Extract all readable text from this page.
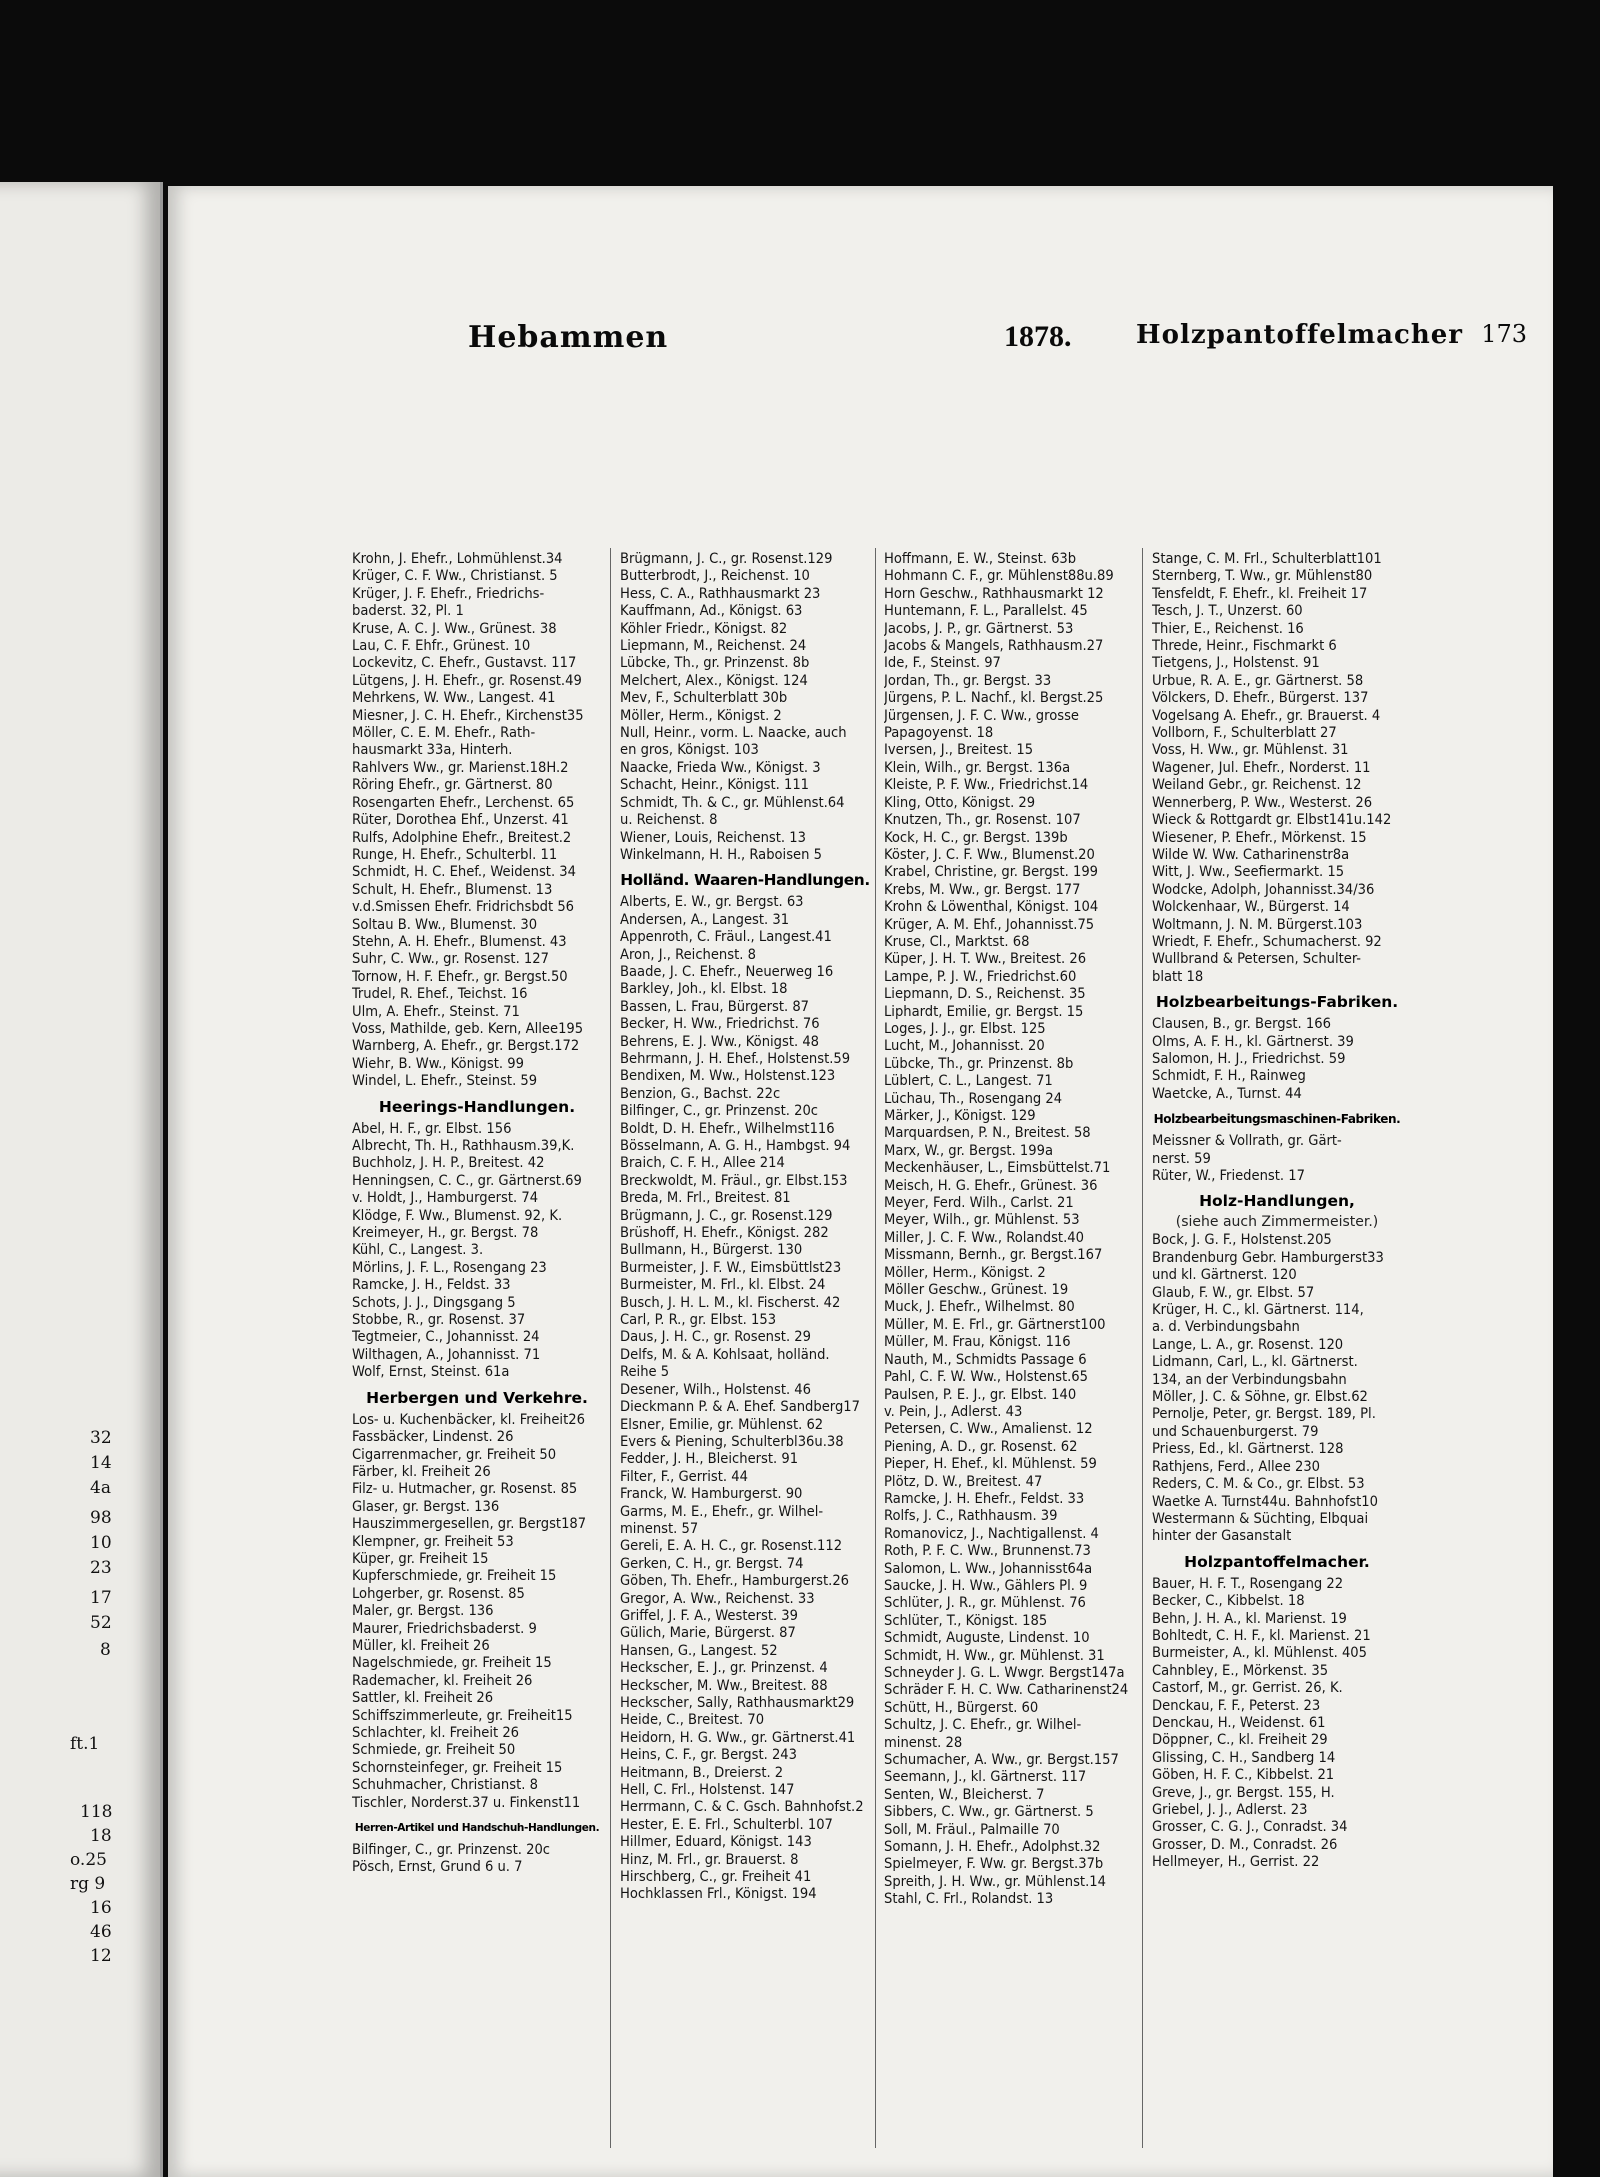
32
14
4a
98
10
23
17
52
8
ft.1
118
18
o.25
rg 9
16
46
12
Hebammen	1878. Holzpantoffelmacher 173
Krohn, J. Ehefr., Lohmühlenst.34
Krüger, C. F. Ww., Christianst. 5
Krüger, J. F. Ehefr., Friedrichs-
baderst. 32, Pl. 1
Kruse, A. C. J. Ww., Grünest. 38
Lau, C. F. Ehfr., Grünest. 10
Lockevitz, C. Ehefr., Gustavst. 117
Lütgens, J. H. Ehefr., gr. Rosenst.49
Mehrkens, W. Ww., Langest. 41
Miesner, J. C. H. Ehefr., Kirchenst35
Möller, C. E. M. Ehefr., Rath-
hausmarkt 33a, Hinterh.
Rahlvers Ww., gr. Marienst.18H.2
Röring Ehefr., gr. Gärtnerst. 80
Rosengarten Ehefr., Lerchenst. 65
Rüter, Dorothea Ehf., Unzerst. 41
Rulfs, Adolphine Ehefr., Breitest.2
Runge, H. Ehefr., Schulterbl. 11
Schmidt, H. C. Ehef., Weidenst. 34
Schult, H. Ehefr., Blumenst. 13
v.d.Smissen Ehefr. Fridrichsbdt 56
Soltau B. Ww., Blumenst. 30
Stehn, A. H. Ehefr., Blumenst. 43
Suhr, C. Ww., gr. Rosenst. 127
Tornow, H. F. Ehefr., gr. Bergst.50
Trudel, R. Ehef., Teichst. 16
Ulm, A. Ehefr., Steinst. 71
Voss, Mathilde, geb. Kern, Allee195
Warnberg, A. Ehefr., gr. Bergst.172
Wiehr, B. Ww., Königst. 99
Windel, L. Ehefr., Steinst. 59
Heerings-Handlungen.
Abel, H. F., gr. Elbst. 156
Albrecht, Th. H., Rathhausm.39,K.
Buchholz, J. H. P., Breitest. 42
Henningsen, C. C., gr. Gärtnerst.69
v. Holdt, J., Hamburgerst. 74
Klödge, F. Ww., Blumenst. 92, K.
Kreimeyer, H., gr. Bergst. 78
Kühl, C., Langest. 3.
Mörlins, J. F. L., Rosengang 23
Ramcke, J. H., Feldst. 33
Schots, J. J., Dingsgang 5
Stobbe, R., gr. Rosenst. 37
Tegtmeier, C., Johannisst. 24
Wilthagen, A., Johannisst. 71
Wolf, Ernst, Steinst. 61a
Herbergen und Verkehre.
Los- u. Kuchenbäcker, kl. Freiheit26
Fassbäcker, Lindenst. 26
Cigarrenmacher, gr. Freiheit 50
Färber, kl. Freiheit 26
Filz- u. Hutmacher, gr. Rosenst. 85
Glaser, gr. Bergst. 136
Hauszimmergesellen, gr. Bergst187
Klempner, gr. Freiheit 53
Küper, gr. Freiheit 15
Kupferschmiede, gr. Freiheit 15
Lohgerber, gr. Rosenst. 85
Maler, gr. Bergst. 136
Maurer, Friedrichsbaderst. 9
Müller, kl. Freiheit 26
Nagelschmiede, gr. Freiheit 15
Rademacher, kl. Freiheit 26
Sattler, kl. Freiheit 26
Schiffszimmerleute, gr. Freiheit15
Schlachter, kl. Freiheit 26
Schmiede, gr. Freiheit 50
Schornsteinfeger, gr. Freiheit 15
Schuhmacher, Christianst. 8
Tischler, Norderst.37 u. Finkenst11
Herren-Artikel und Handschuh-Handlungen.
Bilfinger, C., gr. Prinzenst. 20c
Pösch, Ernst, Grund 6 u. 7
Brügmann, J. C., gr. Rosenst.129
Butterbrodt, J., Reichenst. 10
Hess, C. A., Rathhausmarkt 23
Kauffmann, Ad., Königst. 63
Köhler Friedr., Königst. 82
Liepmann, M., Reichenst. 24
Lübcke, Th., gr. Prinzenst. 8b
Melchert, Alex., Königst. 124
Mev, F., Schulterblatt 30b
Möller, Herm., Königst. 2
Null, Heinr., vorm. L. Naacke, auch
en gros, Königst. 103
Naacke, Frieda Ww., Königst. 3
Schacht, Heinr., Königst. 111
Schmidt, Th. & C., gr. Mühlenst.64
u. Reichenst. 8
Wiener, Louis, Reichenst. 13
Winkelmann, H. H., Raboisen 5
Holländ. Waaren-Handlungen.
Alberts, E. W., gr. Bergst. 63
Andersen, A., Langest. 31
Appenroth, C. Fräul., Langest.41
Aron, J., Reichenst. 8
Baade, J. C. Ehefr., Neuerweg 16
Barkley, Joh., kl. Elbst. 18
Bassen, L. Frau, Bürgerst. 87
Becker, H. Ww., Friedrichst. 76
Behrens, E. J. Ww., Königst. 48
Behrmann, J. H. Ehef., Holstenst.59
Bendixen, M. Ww., Holstenst.123
Benzion, G., Bachst. 22c
Bilfinger, C., gr. Prinzenst. 20c
Boldt, D. H. Ehefr., Wilhelmst116
Bösselmann, A. G. H., Hambgst. 94
Braich, C. F. H., Allee 214
Breckwoldt, M. Fräul., gr. Elbst.153
Breda, M. Frl., Breitest. 81
Brügmann, J. C., gr. Rosenst.129
Brüshoff, H. Ehefr., Königst. 282
Bullmann, H., Bürgerst. 130
Burmeister, J. F. W., Eimsbüttlst23
Burmeister, M. Frl., kl. Elbst. 24
Busch, J. H. L. M., kl. Fischerst. 42
Carl, P. R., gr. Elbst. 153
Daus, J. H. C., gr. Rosenst. 29
Delfs, M. & A. Kohlsaat, holländ.
Reihe 5
Desener, Wilh., Holstenst. 46
Dieckmann P. & A. Ehef. Sandberg17
Elsner, Emilie, gr. Mühlenst. 62
Evers & Piening, Schulterbl36u.38
Fedder, J. H., Bleicherst. 91
Filter, F., Gerrist. 44
Franck, W. Hamburgerst. 90
Garms, M. E., Ehefr., gr. Wilhel-
minenst. 57
Gereli, E. A. H. C., gr. Rosenst.112
Gerken, C. H., gr. Bergst. 74
Göben, Th. Ehefr., Hamburgerst.26
Gregor, A. Ww., Reichenst. 33
Griffel, J. F. A., Westerst. 39
Gülich, Marie, Bürgerst. 87
Hansen, G., Langest. 52
Heckscher, E. J., gr. Prinzenst. 4
Heckscher, M. Ww., Breitest. 88
Heckscher, Sally, Rathhausmarkt29
Heide, C., Breitest. 70
Heidorn, H. G. Ww., gr. Gärtnerst.41
Heins, C. F., gr. Bergst. 243
Heitmann, B., Dreierst. 2
Hell, C. Frl., Holstenst. 147
Herrmann, C. & C. Gsch. Bahnhofst.2
Hester, E. E. Frl., Schulterbl. 107
Hillmer, Eduard, Königst. 143
Hinz, M. Frl., gr. Brauerst. 8
Hirschberg, C., gr. Freiheit 41
Hochklassen Frl., Königst. 194
Hoffmann, E. W., Steinst. 63b
Hohmann C. F., gr. Mühlenst88u.89
Horn Geschw., Rathhausmarkt 12
Huntemann, F. L., Parallelst. 45
Jacobs, J. P., gr. Gärtnerst. 53
Jacobs & Mangels, Rathhausm.27
Ide, F., Steinst. 97
Jordan, Th., gr. Bergst. 33
Jürgens, P. L. Nachf., kl. Bergst.25
Jürgensen, J. F. C. Ww., grosse
Papagoyenst. 18
Iversen, J., Breitest. 15
Klein, Wilh., gr. Bergst. 136a
Kleiste, P. F. Ww., Friedrichst.14
Kling, Otto, Königst. 29
Knutzen, Th., gr. Rosenst. 107
Kock, H. C., gr. Bergst. 139b
Köster, J. C. F. Ww., Blumenst.20
Krabel, Christine, gr. Bergst. 199
Krebs, M. Ww., gr. Bergst. 177
Krohn & Löwenthal, Königst. 104
Krüger, A. M. Ehf., Johannisst.75
Kruse, Cl., Marktst. 68
Küper, J. H. T. Ww., Breitest. 26
Lampe, P. J. W., Friedrichst.60
Liepmann, D. S., Reichenst. 35
Liphardt, Emilie, gr. Bergst. 15
Loges, J. J., gr. Elbst. 125
Lucht, M., Johannisst. 20
Lübcke, Th., gr. Prinzenst. 8b
Lüblert, C. L., Langest. 71
Lüchau, Th., Rosengang 24
Märker, J., Königst. 129
Marquardsen, P. N., Breitest. 58
Marx, W., gr. Bergst. 199a
Meckenhäuser, L., Eimsbüttelst.71
Meisch, H. G. Ehefr., Grünest. 36
Meyer, Ferd. Wilh., Carlst. 21
Meyer, Wilh., gr. Mühlenst. 53
Miller, J. C. F. Ww., Rolandst.40
Missmann, Bernh., gr. Bergst.167
Möller, Herm., Königst. 2
Möller Geschw., Grünest. 19
Muck, J. Ehefr., Wilhelmst. 80
Müller, M. E. Frl., gr. Gärtnerst100
Müller, M. Frau, Königst. 116
Nauth, M., Schmidts Passage 6
Pahl, C. F. W. Ww., Holstenst.65
Paulsen, P. E. J., gr. Elbst. 140
v. Pein, J., Adlerst. 43
Petersen, C. Ww., Amalienst. 12
Piening, A. D., gr. Rosenst. 62
Pieper, H. Ehef., kl. Mühlenst. 59
Plötz, D. W., Breitest. 47
Ramcke, J. H. Ehefr., Feldst. 33
Rolfs, J. C., Rathhausm. 39
Romanovicz, J., Nachtigallenst. 4
Roth, P. F. C. Ww., Brunnenst.73
Salomon, L. Ww., Johannisst64a
Saucke, J. H. Ww., Gählers Pl. 9
Schlüter, J. R., gr. Mühlenst. 76
Schlüter, T., Königst. 185
Schmidt, Auguste, Lindenst. 10
Schmidt, H. Ww., gr. Mühlenst. 31
Schneyder J. G. L. Wwgr. Bergst147a
Schräder F. H. C. Ww. Catharinenst24
Schütt, H., Bürgerst. 60
Schultz, J. C. Ehefr., gr. Wilhel-
minenst. 28
Schumacher, A. Ww., gr. Bergst.157
Seemann, J., kl. Gärtnerst. 117
Senten, W., Bleicherst. 7
Sibbers, C. Ww., gr. Gärtnerst. 5
Soll, M. Fräul., Palmaille 70
Somann, J. H. Ehefr., Adolphst.32
Spielmeyer, F. Ww. gr. Bergst.37b
Spreith, J. H. Ww., gr. Mühlenst.14
Stahl, C. Frl., Rolandst. 13
Stange, C. M. Frl., Schulterblatt101
Sternberg, T. Ww., gr. Mühlenst80
Tensfeldt, F. Ehefr., kl. Freiheit 17
Tesch, J. T., Unzerst. 60
Thier, E., Reichenst. 16
Threde, Heinr., Fischmarkt 6
Tietgens, J., Holstenst. 91
Urbue, R. A. E., gr. Gärtnerst. 58
Völckers, D. Ehefr., Bürgerst. 137
Vogelsang A. Ehefr., gr. Brauerst. 4
Vollborn, F., Schulterblatt 27
Voss, H. Ww., gr. Mühlenst. 31
Wagener, Jul. Ehefr., Norderst. 11
Weiland Gebr., gr. Reichenst. 12
Wennerberg, P. Ww., Westerst. 26
Wieck & Rottgardt gr. Elbst141u.142
Wiesener, P. Ehefr., Mörkenst. 15
Wilde W. Ww. Catharinenstr8a
Witt, J. Ww., Seefiermarkt. 15
Wodcke, Adolph, Johannisst.34/36
Wolckenhaar, W., Bürgerst. 14
Woltmann, J. N. M. Bürgerst.103
Wriedt, F. Ehefr., Schumacherst. 92
Wullbrand & Petersen, Schulter-
blatt 18
Holzbearbeitungs-Fabriken.
Clausen, B., gr. Bergst. 166
Olms, A. F. H., kl. Gärtnerst. 39
Salomon, H. J., Friedrichst. 59
Schmidt, F. H., Rainweg
Waetcke, A., Turnst. 44
Holzbearbeitungsmaschinen-Fabriken.
Meissner & Vollrath, gr. Gärt-
nerst. 59
Rüter, W., Friedenst. 17
Holz-Handlungen,
(siehe auch Zimmermeister.)
Bock, J. G. F., Holstenst.205
Brandenburg Gebr. Hamburgerst33
und kl. Gärtnerst. 120
Glaub, F. W., gr. Elbst. 57
Krüger, H. C., kl. Gärtnerst. 114,
a. d. Verbindungsbahn
Lange, L. A., gr. Rosenst. 120
Lidmann, Carl, L., kl. Gärtnerst.
134, an der Verbindungsbahn
Möller, J. C. & Söhne, gr. Elbst.62
Pernolje, Peter, gr. Bergst. 189, Pl.
und Schauenburgerst. 79
Priess, Ed., kl. Gärtnerst. 128
Rathjens, Ferd., Allee 230
Reders, C. M. & Co., gr. Elbst. 53
Waetke A. Turnst44u. Bahnhofst10
Westermann & Süchting, Elbquai
hinter der Gasanstalt
Holzpantoffelmacher.
Bauer, H. F. T., Rosengang 22
Becker, C., Kibbelst. 18
Behn, J. H. A., kl. Marienst. 19
Bohltedt, C. H. F., kl. Marienst. 21
Burmeister, A., kl. Mühlenst. 405
Cahnbley, E., Mörkenst. 35
Castorf, M., gr. Gerrist. 26, K.
Denckau, F. F., Peterst. 23
Denckau, H., Weidenst. 61
Döppner, C., kl. Freiheit 29
Glissing, C. H., Sandberg 14
Göben, H. F. C., Kibbelst. 21
Greve, J., gr. Bergst. 155, H.
Griebel, J. J., Adlerst. 23
Grosser, C. G. J., Conradst. 34
Grosser, D. M., Conradst. 26
Hellmeyer, H., Gerrist. 22
